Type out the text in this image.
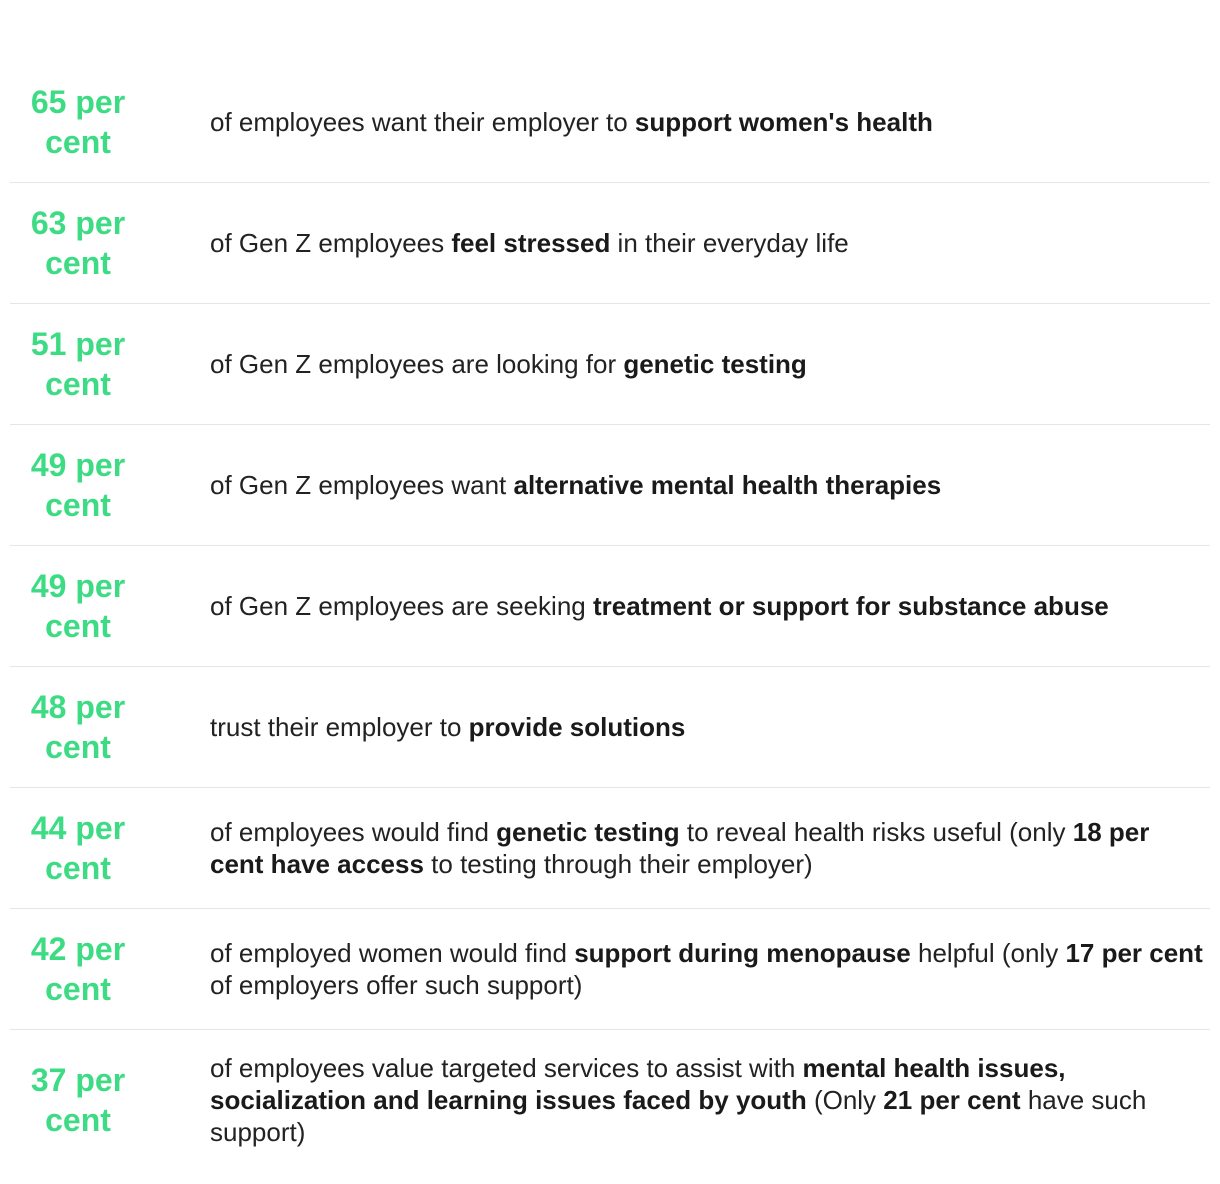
65 per
cent
of employees want their employer to support women's health
63 per
cent
of Gen Z employees feel stressed in their everyday life
51 per
cent
of Gen Z employees are looking for genetic testing
49 per
cent
of Gen Z employees want alternative mental health therapies
49 per
cent
of Gen Z employees are seeking treatment or support for substance abuse
48 per
cent
trust their employer to provide solutions
44 per
cent
of employees would find genetic testing to reveal health risks useful (only 18 per cent have access to testing through their employer)
42 per
cent
of employed women would find support during menopause helpful (only 17 per cent of employers offer such support)
37 per
cent
of employees value targeted services to assist with mental health issues, socialization and learning issues faced by youth (Only 21 per cent have such support)
